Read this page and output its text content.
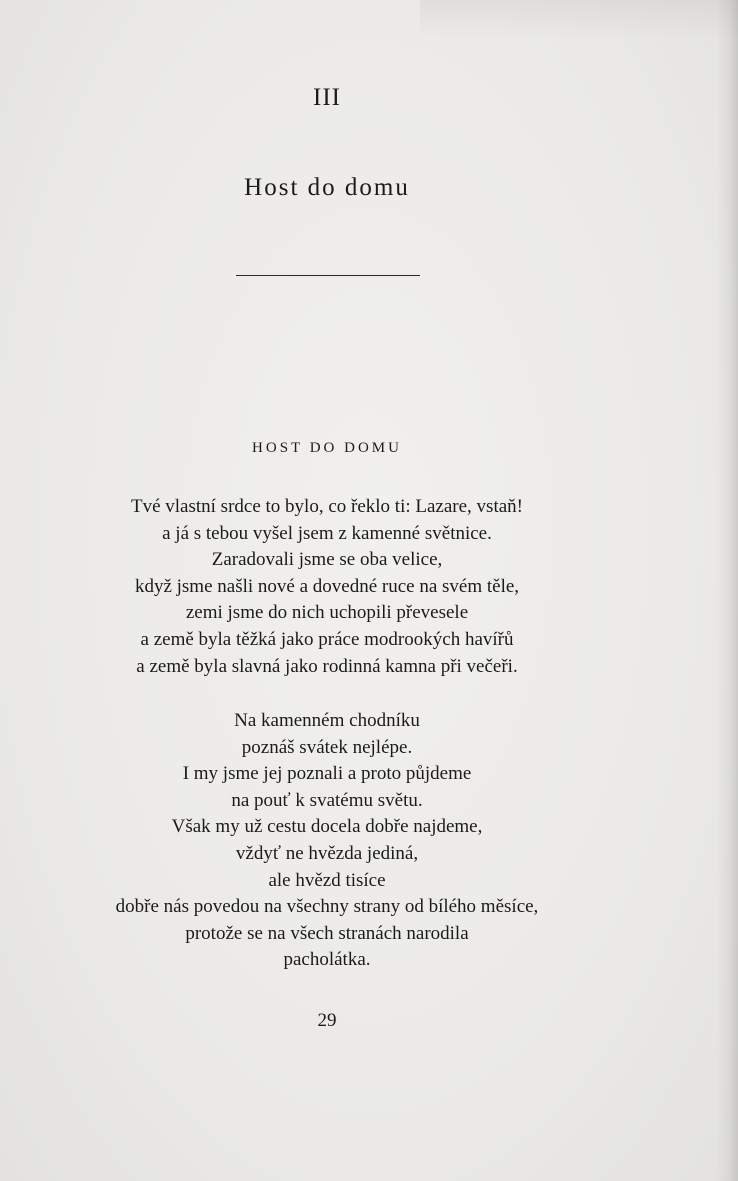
III
Host do domu
HOST DO DOMU
Tvé vlastní srdce to bylo, co řeklo ti: Lazare, vstaň!
a já s tebou vyšel jsem z kamenné světnice.
Zaradovali jsme se oba velice,
když jsme našli nové a dovedné ruce na svém těle,
zemi jsme do nich uchopili převesele
a země byla těžká jako práce modrookých havířů
a země byla slavná jako rodinná kamna při večeři.
Na kamenném chodníku
poznáš svátek nejlépe.
I my jsme jej poznali a proto půjdeme
na pouť k svatému světu.
Však my už cestu docela dobře najdeme,
vždyť ne hvězda jediná,
ale hvězd tisíce
dobře nás povedou na všechny strany od bílého měsíce,
protože se na všech stranách narodila
pacholátka.
29
